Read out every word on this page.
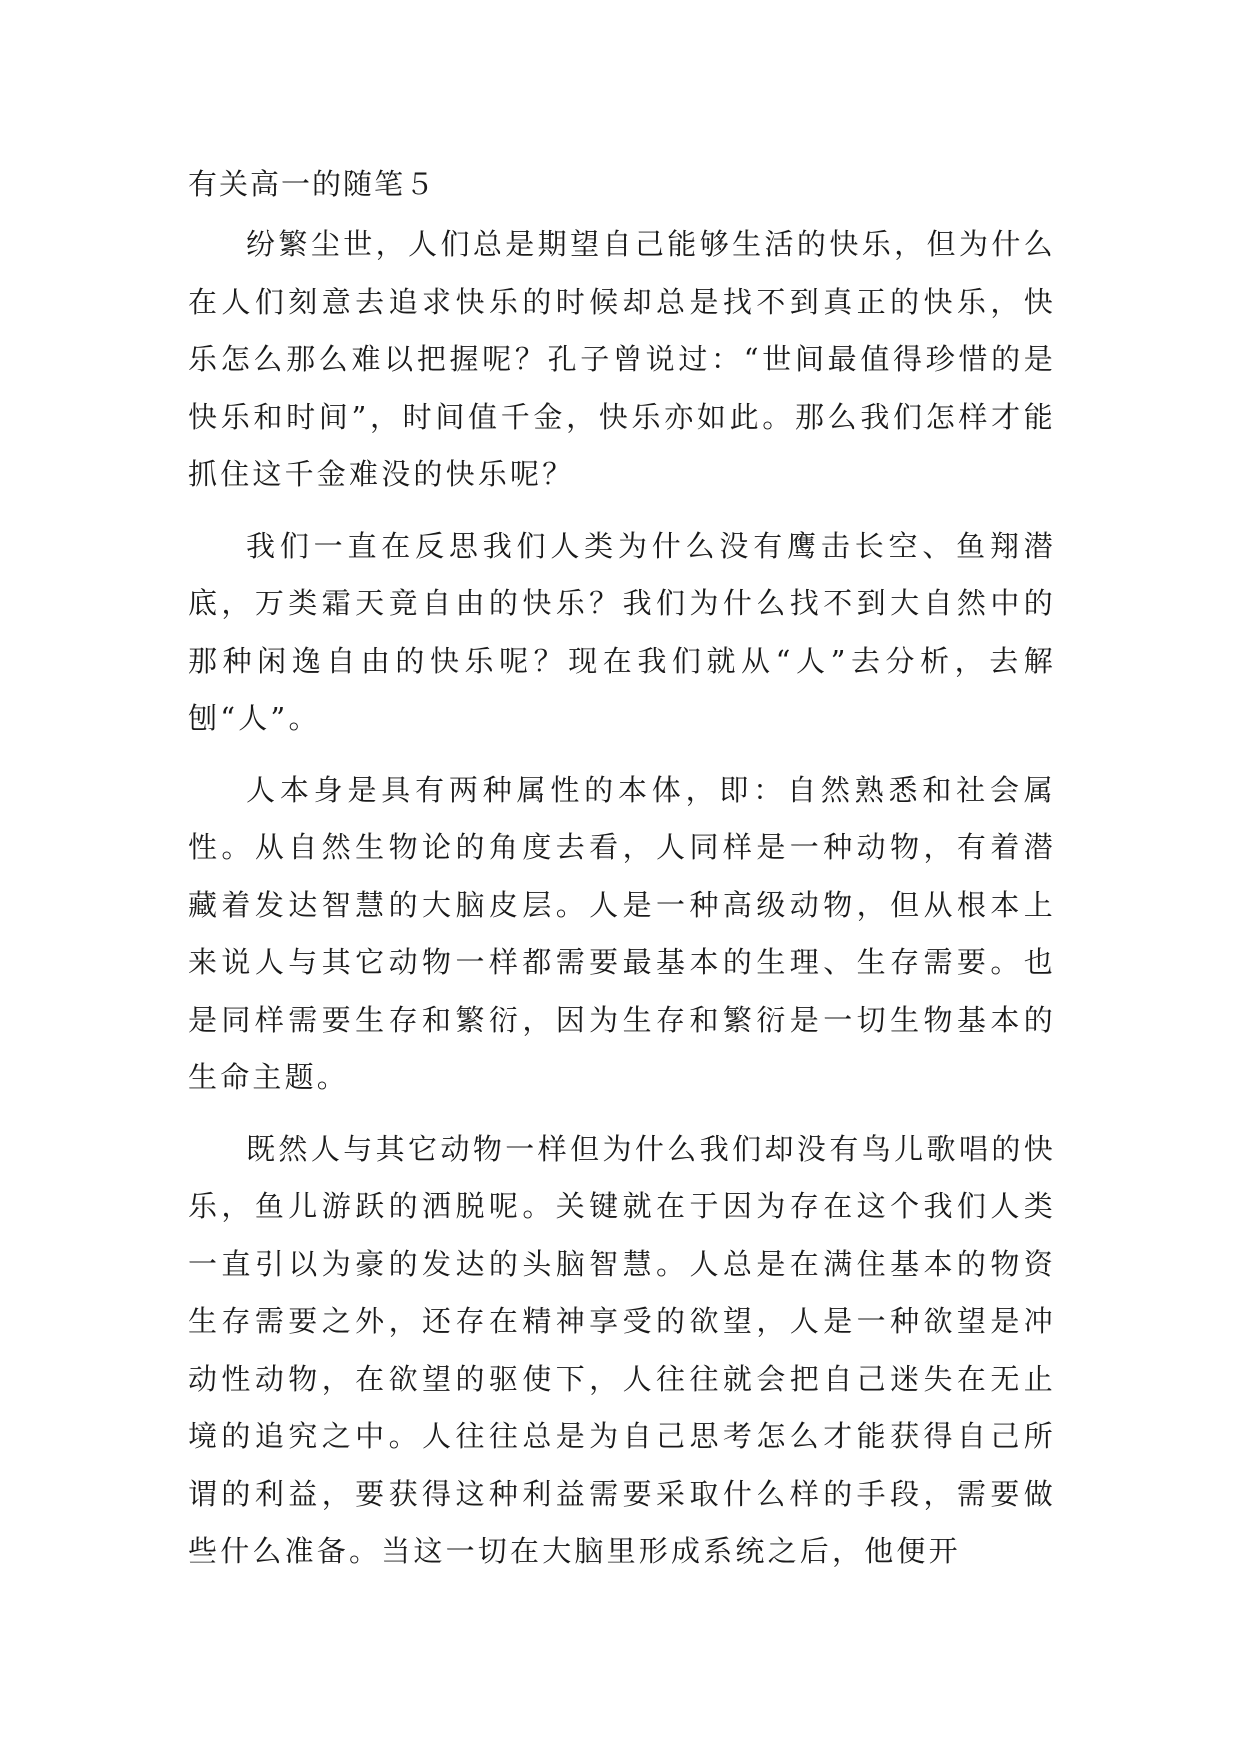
有关高一的随笔５

纷繁尘世，人们总是期望自己能够生活的快乐，但为什么在人们刻意去追求快乐的时候却总是找不到真正的快乐，快乐怎么那么难以把握呢？孔子曾说过：“世间最值得珍惜的是快乐和时间”，时间值千金，快乐亦如此。那么我们怎样才能抓住这千金难没的快乐呢？

我们一直在反思我们人类为什么没有鹰击长空、鱼翔潜底，万类霜天竟自由的快乐？我们为什么找不到大自然中的那种闲逸自由的快乐呢？现在我们就从“人”去分析，去解刨“人”。

人本身是具有两种属性的本体，即：自然熟悉和社会属性。从自然生物论的角度去看，人同样是一种动物，有着潜藏着发达智慧的大脑皮层。人是一种高级动物，但从根本上来说人与其它动物一样都需要最基本的生理、生存需要。也是同样需要生存和繁衍，因为生存和繁衍是一切生物基本的生命主题。

既然人与其它动物一样但为什么我们却没有鸟儿歌唱的快乐，鱼儿游跃的洒脱呢。关键就在于因为存在这个我们人类一直引以为豪的发达的头脑智慧。人总是在满住基本的物资生存需要之外，还存在精神享受的欲望，人是一种欲望是冲动性动物，在欲望的驱使下，人往往就会把自己迷失在无止境的追究之中。人往往总是为自己思考怎么才能获得自己所谓的利益，要获得这种利益需要采取什么样的手段，需要做些什么准备。当这一切在大脑里形成系统之后，他便开
